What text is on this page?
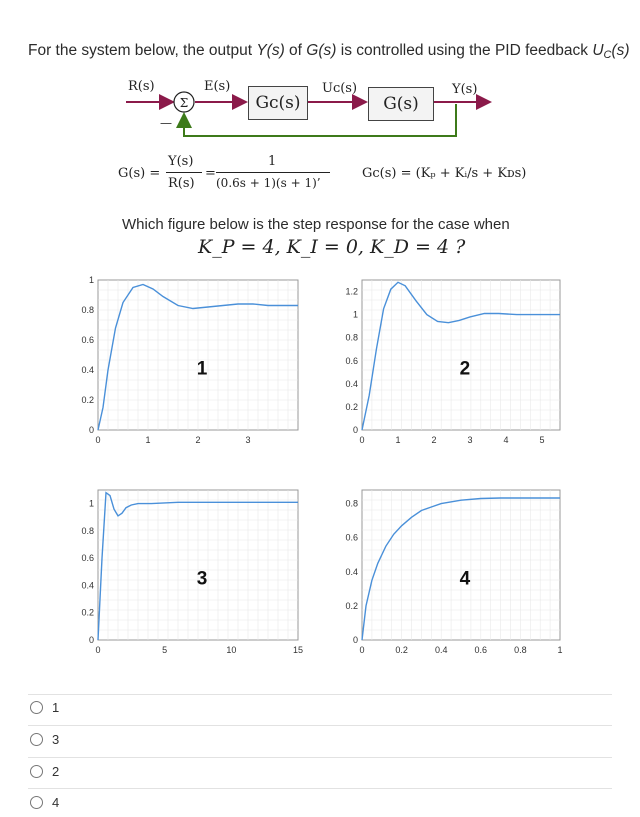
For the system below, the output Y(s) of G(s) is controlled using the PID feedback $U_C(s)$
Σ
R(s)	E(s)	Uᴄ(s)	Y(s)
—
Gᴄ(s)	G(s)
G(s) =
Y(s)
R(s)
=
1
(0.6s + 1)(s + 1)’
Gc(s) = (Kₚ + Kᵢ/s + Kᴅs)
Which figure below is the step response for the case when
K_P = 4, K_I = 0, K_D = 4 ?
0	1	2	3
0
0.2
0.4
0.6
0.8
1
1
0	1	2	3	4	5
0
0.2
0.4
0.6
0.8
1
1.2
2
0	5	10	15
0
0.2
0.4
0.6
0.8
1
3
0	0.2	0.4	0.6	0.8	1
0
0.2
0.4
0.6
0.8
4
1
3
2
4
